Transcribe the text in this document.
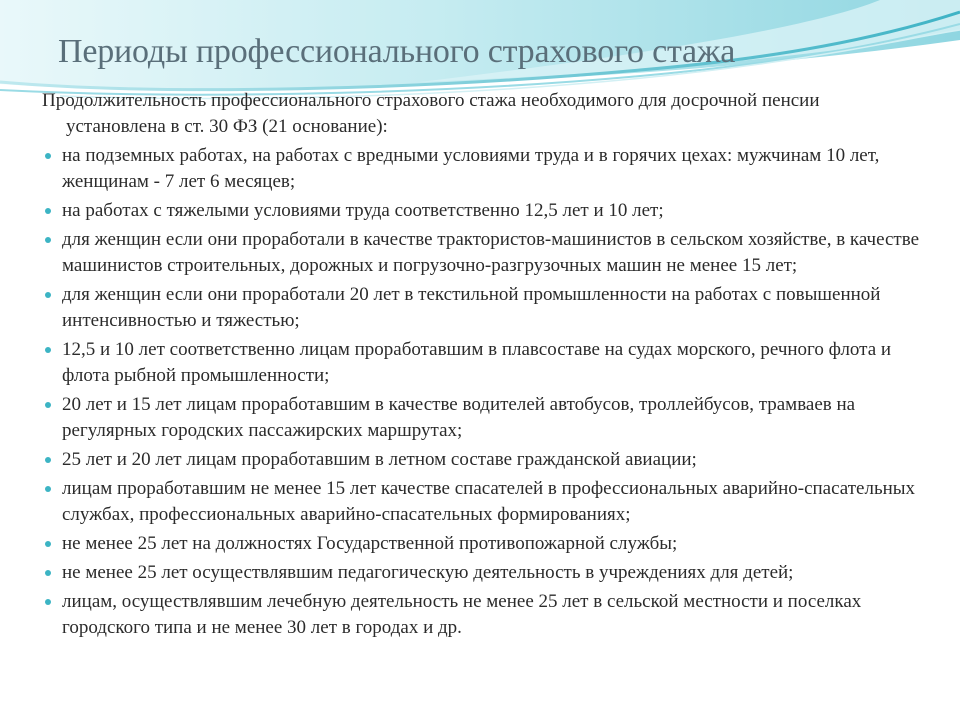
Периоды профессионального страхового стажа

Продолжительность профессионального страхового стажа необходимого для досрочной пенсии установлена в ст. 30 ФЗ (21 основание):

на подземных работах, на работах с вредными условиями труда и в горячих цехах: мужчинам 10 лет, женщинам - 7 лет 6 месяцев;
на работах с тяжелыми условиями труда соответственно 12,5 лет и 10 лет;
для женщин если они проработали в качестве трактористов-машинистов в сельском хозяйстве, в качестве машинистов строительных, дорожных и погрузочно-разгрузочных машин не менее 15 лет;
для женщин если они проработали 20 лет в текстильной промышленности на работах с повышенной интенсивностью и тяжестью;
12,5 и 10 лет соответственно лицам проработавшим в плавсоставе на судах морского, речного флота и флота рыбной промышленности;
20 лет и 15 лет лицам проработавшим в качестве водителей автобусов, троллейбусов, трамваев на регулярных городских пассажирских маршрутах;
25 лет и 20 лет лицам проработавшим в летном составе гражданской авиации;
лицам проработавшим не менее 15 лет качестве спасателей в профессиональных аварийно-спасательных службах, профессиональных аварийно-спасательных формированиях;
не менее 25 лет на должностях Государственной противопожарной службы;
не менее 25 лет осуществлявшим педагогическую деятельность в учреждениях для детей;
лицам, осуществлявшим лечебную деятельность не менее 25 лет в сельской местности и поселках городского типа и не менее 30 лет в городах и др.
